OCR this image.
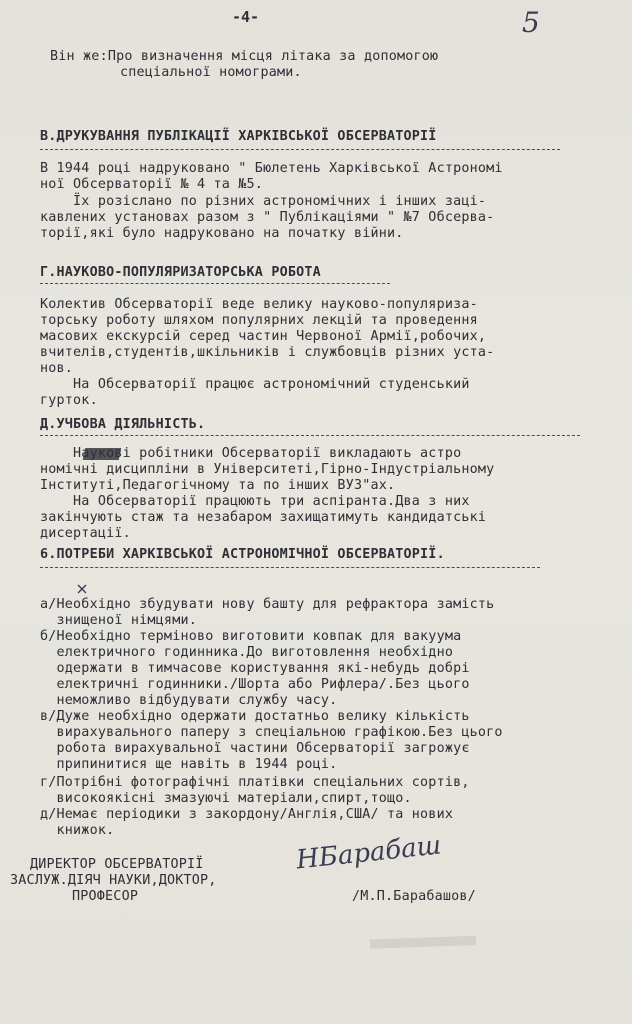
-4-	5
Він же:Про визначення місця літака за допомогою
спеціальної номограми.
В.ДРУКУВАННЯ ПУБЛІКАЦІЇ ХАРКІВСЬКОЇ ОБСЕРВАТОРІЇ
В 1944 році надруковано " Бюлетень Харківської Астрономі
ної Обсерваторії № 4 та №5.
Їх розіслано по різних астрономічних і інших заці-
кавлених установах разом з " Публікаціями " №7 Обсерва-
торії,які було надруковано на початку війни.
Г.НАУКОВО-ПОПУЛЯРИЗАТОРСЬКА РОБОТА
Колектив Обсерваторії веде велику науково-популяриза-
торську роботу шляхом популярних лекцій та проведення
масових екскурсій серед частин Червоної Армії,робочих,
вчителів,студентів,шкільників і службовців різних уста-
нов.
На Обсерваторії працює астрономічний студенський
гурток.
Д.УЧБОВА ДІЯЛЬНІСТЬ.
Наукові робітники Обсерваторії викладають астро
номічні дисципліни в Університеті,Гірно-Індустріальному
Інституті,Педагогічному та по інших ВУЗ"ах.
На Обсерваторії працюють три аспіранта.Два з них
закінчують стаж та незабаром захищатимуть кандидатські
дисертації.
6.ПОТРЕБИ ХАРКІВСЬКОЇ АСТРОНОМІЧНОЇ ОБСЕРВАТОРІЇ.
а/Необхідно збудувати нову башту для рефрактора замість
знищеної німцями.
б/Необхідно терміново виготовити ковпак для вакуума
електричного годинника.До виготовлення необхідно
одержати в тимчасове користування які-небудь добрі
електричні годинники./Шорта або Рифлера/.Без цього
неможливо відбудувати службу часу.
в/Дуже необхідно одержати достатньо велику кількість
вирахувального паперу з спеціальною графікою.Без цього
робота вирахувальної частини Обсерваторії загрожує
припинитися ще навіть в 1944 році.
г/Потрібні фотографічні платівки спеціальних сортів,
високоякісні змазуючі матеріали,спирт,тощо.
д/Немає періодики з закордону/Англія,США/ та нових
книжок.
ДИРЕКТОР ОБСЕРВАТОРІЇ
ЗАСЛУЖ.ДІЯЧ НАУКИ,ДОКТОР,
ПРОФЕСОР
НБарабаш
/М.П.Барабашов/
▒▒▒▒▒▒▒▒▒▒▒▒▒▒▒▒▒▒▒▒▒▒
